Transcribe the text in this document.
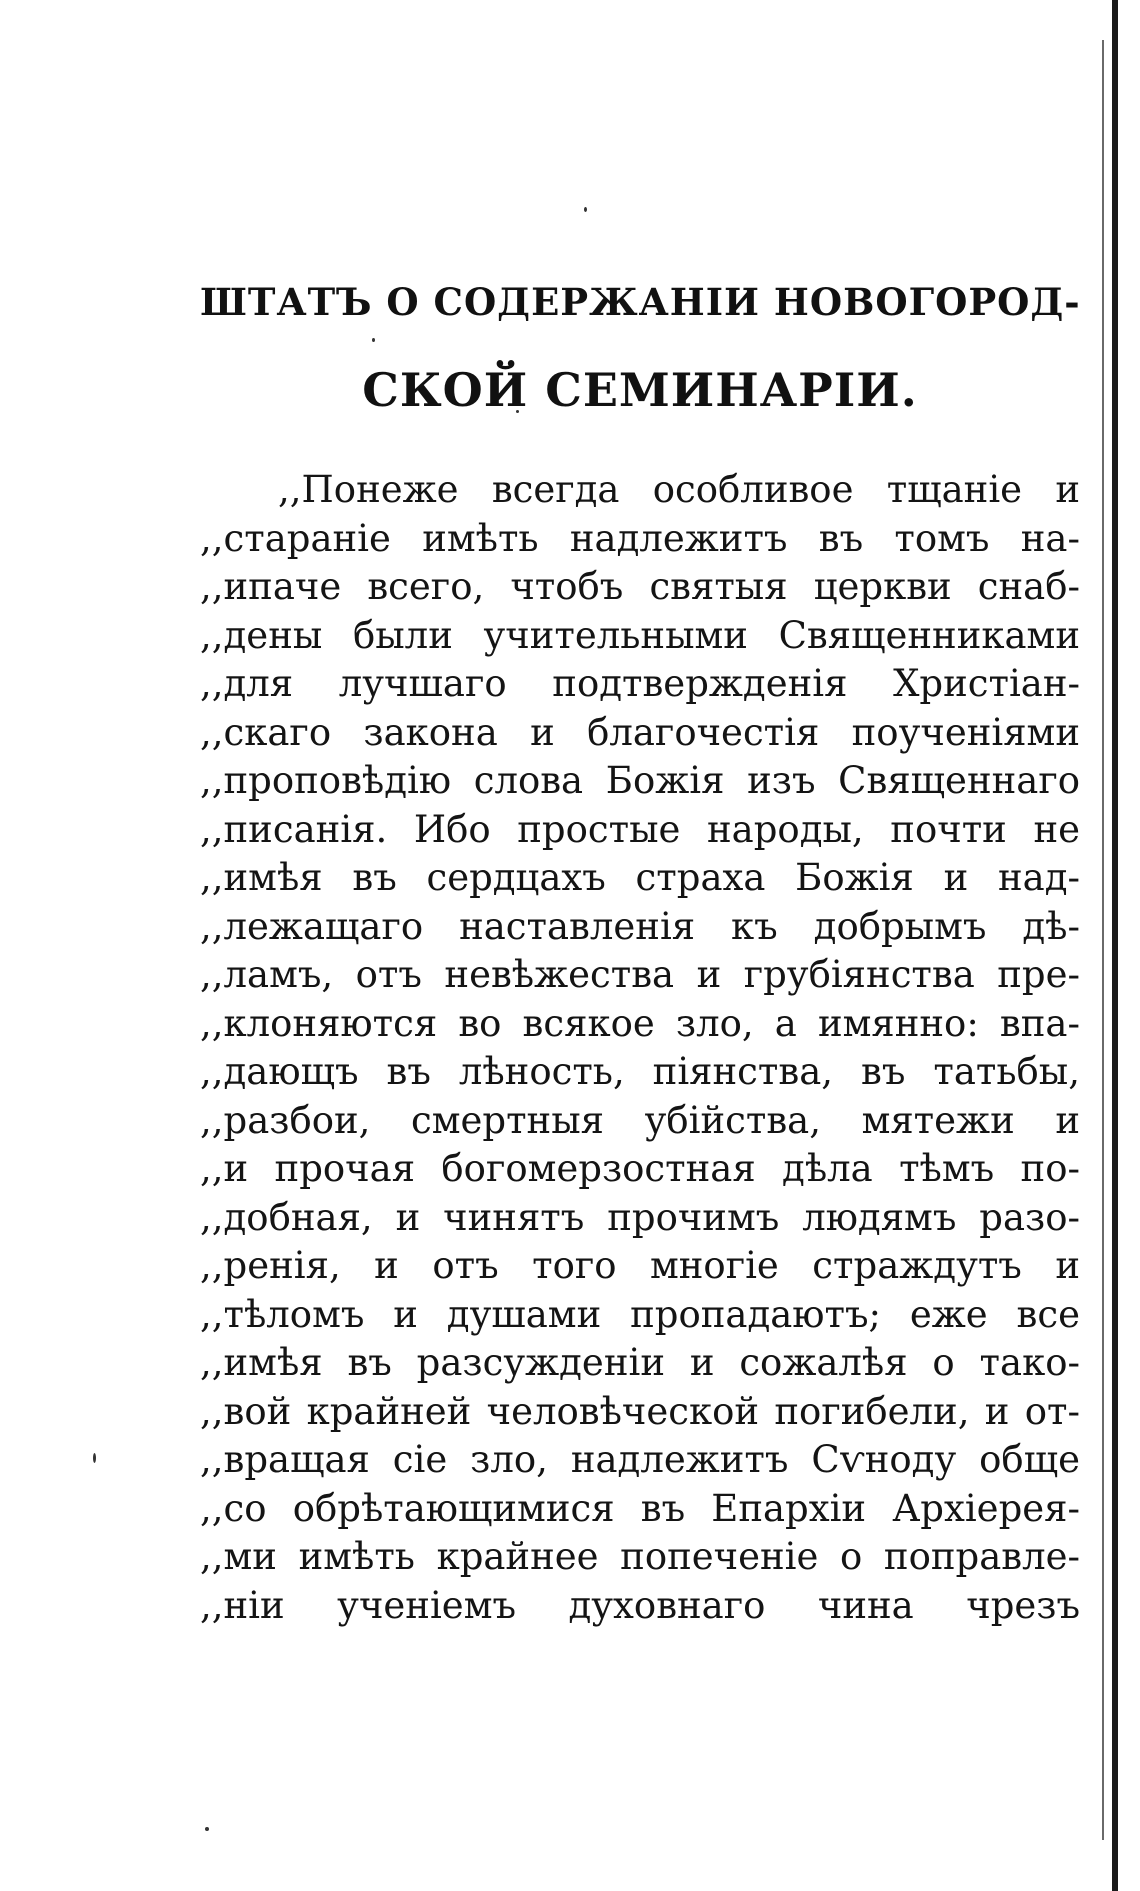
ШТАТЪ О СОДЕРЖАНІИ НОВОГОРОД-
СКОЙ СЕМИНАРІИ.
,,Понеже всегда особливое тщаніе и
,,стараніе имѣть надлежитъ въ томъ на-
,,ипаче всего, чтобъ святыя церкви снаб-
,,дены были учительными Священниками
,,для лучшаго подтвержденія Христіан-
,,скаго закона и благочестія поученіями
,,проповѣдію слова Божія изъ Священнаго
,,писанія. Ибо простые народы, почти не
,,имѣя въ сердцахъ страха Божія и над-
,,лежащаго наставленія къ добрымъ дѣ-
,,ламъ, отъ невѣжества и грубіянства пре-
,,клоняются во всякое зло, а имянно: впа-
,,дающъ въ лѣность, піянства, въ татьбы,
,,разбои, смертныя убійства, мятежи и
,,и прочая богомерзостная дѣла тѣмъ по-
,,добная, и чинятъ прочимъ людямъ разо-
,,ренія, и отъ того многіе страждутъ и
,,тѣломъ и душами пропадаютъ; еже все
,,имѣя въ разсужденіи и сожалѣя о тако-
,,вой крайней человѣческой погибели, и от-
,,вращая сіе зло, надлежитъ Сѵноду обще
,,со обрѣтающимися въ Епархіи Архіерея-
,,ми имѣть крайнее попеченіе о поправле-
,,ніи ученіемъ духовнаго чина чрезъ
